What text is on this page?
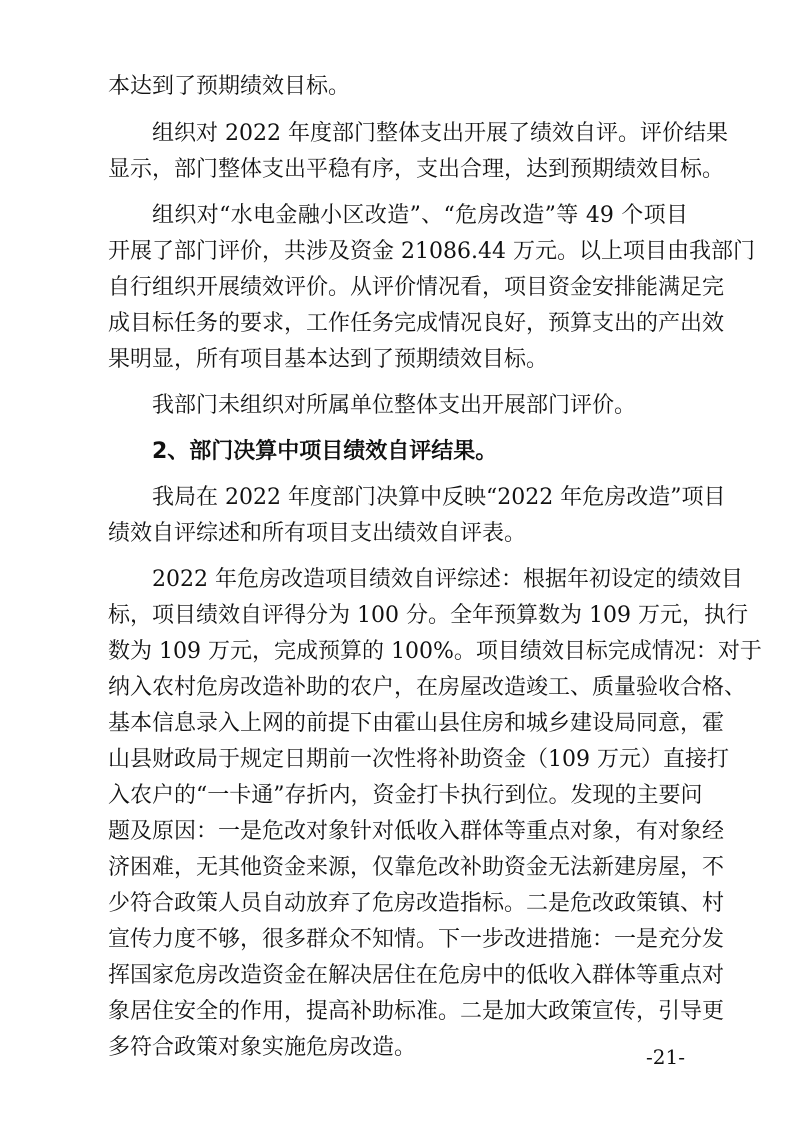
本达到了预期绩效目标。
组织对 2022 年度部门整体支出开展了绩效自评。评价结果
显示，部门整体支出平稳有序，支出合理，达到预期绩效目标。
组织对“水电金融小区改造”、“危房改造”等 49 个项目
开展了部门评价，共涉及资金 21086.44 万元。以上项目由我部门
自行组织开展绩效评价。从评价情况看，项目资金安排能满足完
成目标任务的要求，工作任务完成情况良好，预算支出的产出效
果明显，所有项目基本达到了预期绩效目标。
我部门未组织对所属单位整体支出开展部门评价。
2、部门决算中项目绩效自评结果。
我局在 2022 年度部门决算中反映“2022 年危房改造”项目
绩效自评综述和所有项目支出绩效自评表。
2022 年危房改造项目绩效自评综述：根据年初设定的绩效目
标，项目绩效自评得分为 100 分。全年预算数为 109 万元，执行
数为 109 万元，完成预算的 100%。项目绩效目标完成情况：对于
纳入农村危房改造补助的农户，在房屋改造竣工、质量验收合格、
基本信息录入上网的前提下由霍山县住房和城乡建设局同意，霍
山县财政局于规定日期前一次性将补助资金（109 万元）直接打
入农户的“一卡通”存折内，资金打卡执行到位。发现的主要问
题及原因：一是危改对象针对低收入群体等重点对象，有对象经
济困难，无其他资金来源，仅靠危改补助资金无法新建房屋，不
少符合政策人员自动放弃了危房改造指标。二是危改政策镇、村
宣传力度不够，很多群众不知情。下一步改进措施：一是充分发
挥国家危房改造资金在解决居住在危房中的低收入群体等重点对
象居住安全的作用，提高补助标准。二是加大政策宣传，引导更
多符合政策对象实施危房改造。	-21-
